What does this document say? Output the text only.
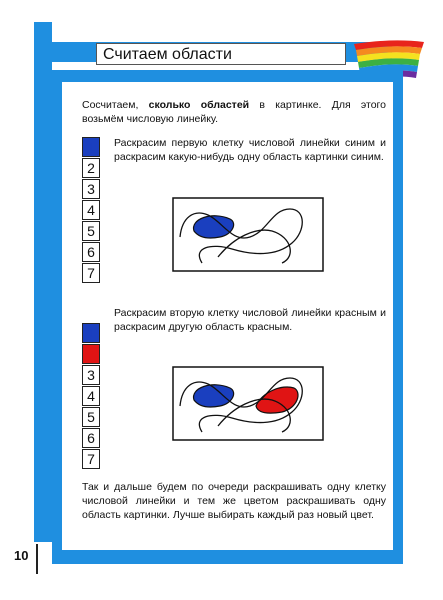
Считаем области
Сосчитаем, сколько областей в картинке. Для этого возьмём числовую линейку.
1
2
3
4
5
6
7
Раскрасим первую клетку числовой линейки синим и раскрасим какую-нибудь одну область картинки синим.
1
2
3
4
5
6
7
Раскрасим вторую клетку числовой линейки красным и раскрасим другую область красным.
Так и дальше будем по очереди раскрашивать одну клетку числовой линейки и тем же цветом раскрашивать одну область картинки. Лучше выбирать каждый раз новый цвет.
10
